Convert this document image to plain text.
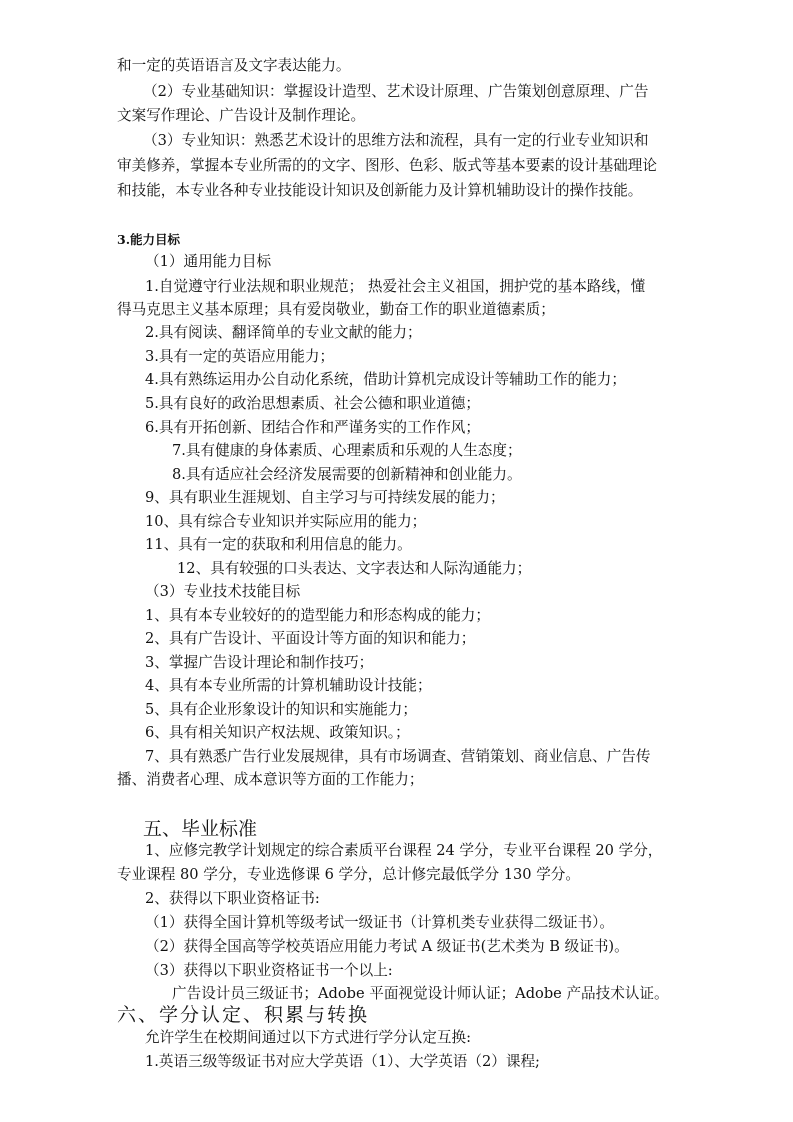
和一定的英语语言及文字表达能力。
（2）专业基础知识：掌握设计造型、艺术设计原理、广告策划创意原理、广告
文案写作理论、广告设计及制作理论。
（3）专业知识：熟悉艺术设计的思维方法和流程，具有一定的行业专业知识和
审美修养，掌握本专业所需的的文字、图形、色彩、版式等基本要素的设计基础理论
和技能，本专业各种专业技能设计知识及创新能力及计算机辅助设计的操作技能。
3.能力目标
（1）通用能力目标
1.自觉遵守行业法规和职业规范； 热爱社会主义祖国，拥护党的基本路线，懂
得马克思主义基本原理；具有爱岗敬业，勤奋工作的职业道德素质；
2.具有阅读、翻译简单的专业文献的能力；
3.具有一定的英语应用能力；
4.具有熟练运用办公自动化系统，借助计算机完成设计等辅助工作的能力；
5.具有良好的政治思想素质、社会公德和职业道德；
6.具有开拓创新、团结合作和严谨务实的工作作风；
7.具有健康的身体素质、心理素质和乐观的人生态度；
8.具有适应社会经济发展需要的创新精神和创业能力。
9、具有职业生涯规划、自主学习与可持续发展的能力；
10、具有综合专业知识并实际应用的能力；
11、具有一定的获取和利用信息的能力。
12、具有较强的口头表达、文字表达和人际沟通能力；
（3）专业技术技能目标
1、具有本专业较好的的造型能力和形态构成的能力；
2、具有广告设计、平面设计等方面的知识和能力；
3、掌握广告设计理论和制作技巧；
4、具有本专业所需的计算机辅助设计技能；
5、具有企业形象设计的知识和实施能力；
6、具有相关知识产权法规、政策知识。；
7、具有熟悉广告行业发展规律，具有市场调查、营销策划、商业信息、广告传
播、消费者心理、成本意识等方面的工作能力；
五、毕业标准
1、应修完教学计划规定的综合素质平台课程 24 学分，专业平台课程 20 学分，
专业课程 80 学分，专业选修课 6 学分，总计修完最低学分 130 学分。
2、获得以下职业资格证书:
（1）获得全国计算机等级考试一级证书（计算机类专业获得二级证书）。
（2）获得全国高等学校英语应用能力考试 A 级证书(艺术类为 B 级证书)。
（3）获得以下职业资格证书一个以上:
广告设计员三级证书；Adobe 平面视觉设计师认证；Adobe 产品技术认证。
六、学分认定、积累与转换
允许学生在校期间通过以下方式进行学分认定互换:
1.英语三级等级证书对应大学英语（1）、大学英语（2）课程;
